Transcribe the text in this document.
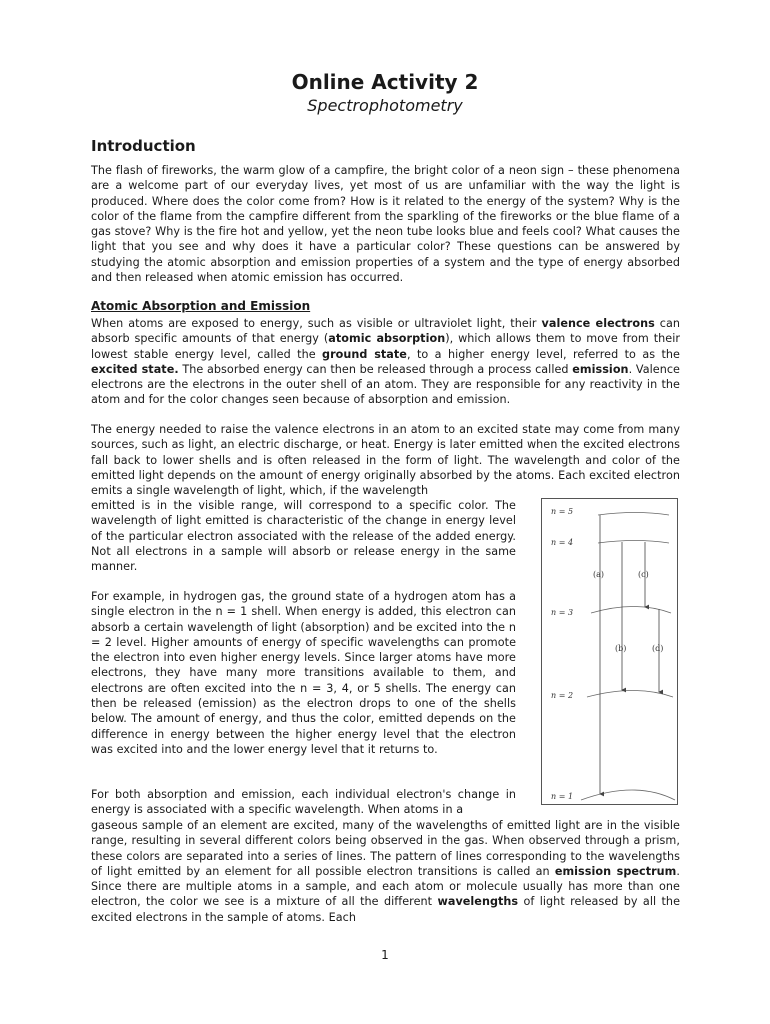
Online Activity 2
Spectrophotometry
Introduction

The flash of fireworks, the warm glow of a campfire, the bright color of a neon sign – these phenomena are a welcome part of our everyday lives, yet most of us are unfamiliar with the way the light is produced. Where does the color come from? How is it related to the energy of the system? Why is the color of the flame from the campfire different from the sparkling of the fireworks or the blue flame of a gas stove? Why is the fire hot and yellow, yet the neon tube looks blue and feels cool? What causes the light that you see and why does it have a particular color? These questions can be answered by studying the atomic absorption and emission properties of a system and the type of energy absorbed and then released when atomic emission has occurred.

Atomic Absorption and Emission

When atoms are exposed to energy, such as visible or ultraviolet light, their valence electrons can absorb specific amounts of that energy (atomic absorption), which allows them to move from their lowest stable energy level, called the ground state, to a higher energy level, referred to as the excited state. The absorbed energy can then be released through a process called emission. Valence electrons are the electrons in the outer shell of an atom. They are responsible for any reactivity in the atom and for the color changes seen because of absorption and emission.

The energy needed to raise the valence electrons in an atom to an excited state may come from many sources, such as light, an electric discharge, or heat. Energy is later emitted when the excited electrons fall back to lower shells and is often released in the form of light. The wavelength and color of the emitted light depends on the amount of energy originally absorbed by the atoms. Each excited electron emits a single wavelength of light, which, if the wavelength

emitted is in the visible range, will correspond to a specific color. The wavelength of light emitted is characteristic of the change in energy level of the particular electron associated with the release of the added energy. Not all electrons in a sample will absorb or release energy in the same manner.

For example, in hydrogen gas, the ground state of a hydrogen atom has a single electron in the n = 1 shell. When energy is added, this electron can absorb a certain wavelength of light (absorption) and be excited into the n = 2 level. Higher amounts of energy of specific wavelengths can promote the electron into even higher energy levels. Since larger atoms have more electrons, they have many more transitions available to them, and electrons are often excited into the n = 3, 4, or 5 shells. The energy can then be released (emission) as the electron drops to one of the shells below. The amount of energy, and thus the color, emitted depends on the difference in energy between the higher energy level that the electron was excited into and the lower energy level that it returns to.

For both absorption and emission, each individual electron's change in energy is associated with a specific wavelength. When atoms in a

gaseous sample of an element are excited, many of the wavelengths of emitted light are in the visible range, resulting in several different colors being observed in the gas. When observed through a prism, these colors are separated into a series of lines. The pattern of lines corresponding to the wavelengths of light emitted by an element for all possible electron transitions is called an emission spectrum. Since there are multiple atoms in a sample, and each atom or molecule usually has more than one electron, the color we see is a mixture of all the different wavelengths of light released by all the excited electrons in the sample of atoms. Each

n = 5
n = 4
n = 3
n = 2
n = 1
(a)	(c)
(b)	(d)
1
